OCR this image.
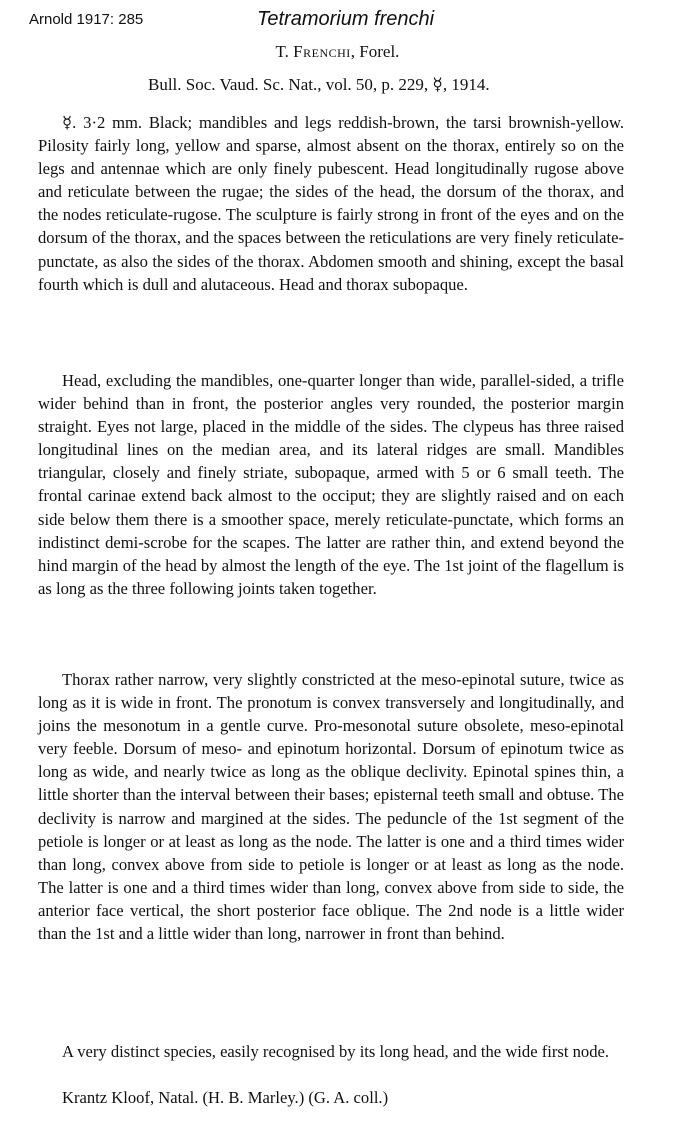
Arnold 1917: 285	Tetramorium frenchi
T. Frenchi, Forel.
Bull. Soc. Vaud. Sc. Nat., vol. 50, p. 229, ☿, 1914.

☿. 3·2 mm. Black; mandibles and legs reddish-brown, the tarsi brownish-yellow. Pilosity fairly long, yellow and sparse, almost absent on the thorax, entirely so on the legs and antennae which are only finely pubescent. Head longitudinally rugose above and reticulate between the rugae; the sides of the head, the dorsum of the thorax, and the nodes reticulate-rugose. The sculpture is fairly strong in front of the eyes and on the dorsum of the thorax, and the spaces between the reticulations are very finely reticulate-punctate, as also the sides of the thorax. Abdomen smooth and shining, except the basal fourth which is dull and alutaceous. Head and thorax subopaque.

Head, excluding the mandibles, one-quarter longer than wide, parallel-sided, a trifle wider behind than in front, the posterior angles very rounded, the posterior margin straight. Eyes not large, placed in the middle of the sides. The clypeus has three raised longitudinal lines on the median area, and its lateral ridges are small. Mandibles triangular, closely and finely striate, subopaque, armed with 5 or 6 small teeth. The frontal carinae extend back almost to the occiput; they are slightly raised and on each side below them there is a smoother space, merely reticulate-punctate, which forms an indistinct demi-scrobe for the scapes. The latter are rather thin, and extend beyond the hind margin of the head by almost the length of the eye. The 1st joint of the flagellum is as long as the three following joints taken together.

Thorax rather narrow, very slightly constricted at the meso-epinotal suture, twice as long as it is wide in front. The pronotum is convex transversely and longitudinally, and joins the mesonotum in a gentle curve. Pro-mesonotal suture obsolete, meso-epinotal very feeble. Dorsum of meso- and epinotum horizontal. Dorsum of epinotum twice as long as wide, and nearly twice as long as the oblique declivity. Epinotal spines thin, a little shorter than the interval between their bases; episternal teeth small and obtuse. The declivity is narrow and margined at the sides. The peduncle of the 1st segment of the petiole is longer or at least as long as the node. The latter is one and a third times wider than long, convex above from side to petiole is longer or at least as long as the node. The latter is one and a third times wider than long, convex above from side to side, the anterior face vertical, the short posterior face oblique. The 2nd node is a little wider than the 1st and a little wider than long, narrower in front than behind.

A very distinct species, easily recognised by its long head, and the wide first node.

Krantz Kloof, Natal. (H. B. Marley.) (G. A. coll.)
